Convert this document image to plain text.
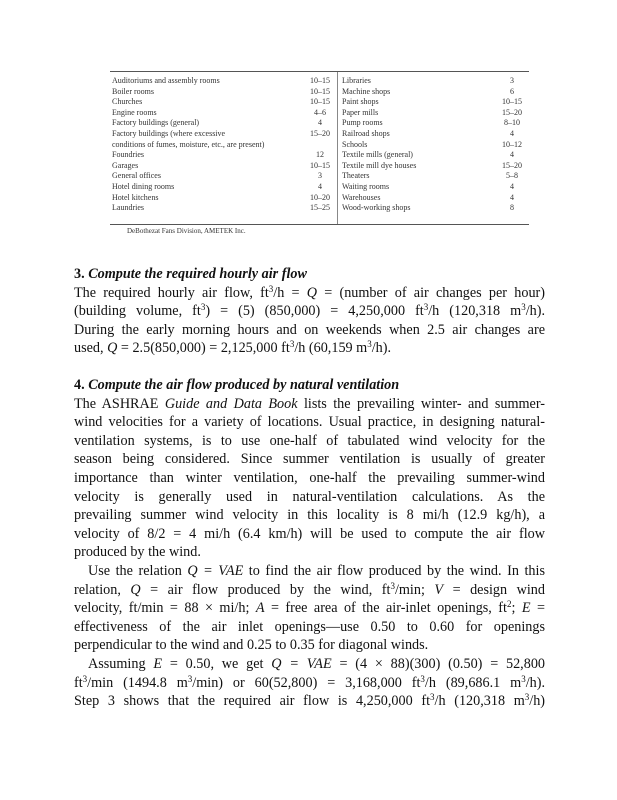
Auditoriums and assembly rooms
Boiler rooms
Churches
Engine rooms
Factory buildings (general)
Factory buildings (where excessive
conditions of fumes, moisture, etc., are present)
Foundries
Garages
General offices
Hotel dining rooms
Hotel kitchens
Laundries
10–15
10–15
10–15
4–6
4
15–20
12
10–15
3
4
10–20
15–25
Libraries
Machine shops
Paint shops
Paper mills
Pump rooms
Railroad shops
Schools
Textile mills (general)
Textile mill dye houses
Theaters
Waiting rooms
Warehouses
Wood-working shops
3
6
10–15
15–20
8–10
4
10–12
4
15–20
5–8
4
4
8
DeBothezat Fans Division, AMETEK Inc.
3. Compute the required hourly air flow
The required hourly air flow, $ft^3/h = Q$ = (number of air changes per hour)
(building volume, $ft^3) = (5)$ (850,000) = 4,250,000 $ft^3/h$ (120,318 $m^3/h$).
During the early morning hours and on weekends when 2.5 air changes are
used, Q = 2.5(850,000) = 2,125,000 $ft^3/h$ (60,159 $m^3/h$).
4. Compute the air flow produced by natural ventilation
The ASHRAE Guide and Data Book lists the prevailing winter- and summer-
wind velocities for a variety of locations. Usual practice, in designing natural-
ventilation systems, is to use one-half of tabulated wind velocity for the
season being considered. Since summer ventilation is usually of greater
importance than winter ventilation, one-half the prevailing summer-wind
velocity is generally used in natural-ventilation calculations. As the
prevailing summer wind velocity in this locality is 8 mi/h (12.9 kg/h), a
velocity of 8/2 = 4 mi/h (6.4 km/h) will be used to compute the air flow
produced by the wind.
Use the relation Q = VAE to find the air flow produced by the wind. In this
relation, Q = air flow produced by the wind, $ft^3/\min$; V = design wind
velocity, ft/min = 88 × mi/h; A = free area of the air-inlet openings, $ft^2$; E =
effectiveness of the air inlet openings—use 0.50 to 0.60 for openings
perpendicular to the wind and 0.25 to 0.35 for diagonal winds.
Assuming E = 0.50, we get Q = VAE = (4 × 88)(300) (0.50) = 52,800
$ft^3/\min$ (1494.8 $m^3/\min$) or 60(52,800) = 3,168,000 $ft^3/h$ (89,686.1 $m^3/h$).
Step 3 shows that the required air flow is 4,250,000 $ft^3/h$ (120,318 $m^3/h$)
